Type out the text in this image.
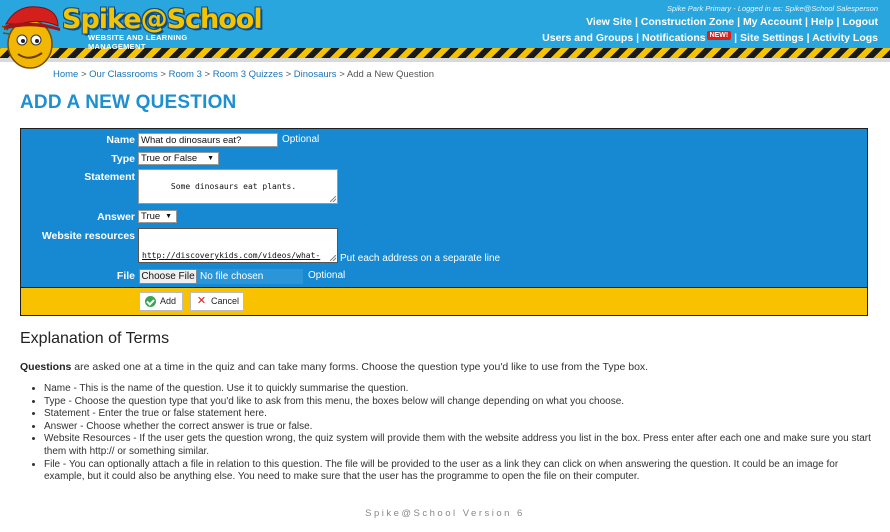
Spike@School
WEBSITE AND LEARNING MANAGEMENT
Spike Park Primary - Logged in as: Spike@School Salesperson
View Site | Construction Zone | My Account | Help | Logout
Users and Groups | Notifications NEW! | Site Settings | Activity Logs
Home > Our Classrooms > Room 3 > Room 3 Quizzes > Dinosaurs > Add a New Question
ADD A NEW QUESTION
Name What do dinosaurs eat?	Optional
Type True or False ▼
Statement

Some dinosaurs eat plants.

Answer True ▼
Website resources

http://discoverykids.com/videos/what-

	Put each address on a separate line
File Choose File No file chosen	Optional
Add	✕ Cancel
Explanation of Terms
Questions are asked one at a time in the quiz and can take many forms. Choose the question type you'd like to use from the Type box.
• Name - This is the name of the question. Use it to quickly summarise the question.
• Type - Choose the question type that you'd like to ask from this menu, the boxes below will change depending on what you choose.
• Statement - Enter the true or false statement here.
• Answer - Choose whether the correct answer is true or false.
• Website Resources - If the user gets the question wrong, the quiz system will provide them with the website address you list in the box. Press enter after each one and make sure you start them with http:// or something similar.
• File - You can optionally attach a file in relation to this question. The file will be provided to the user as a link they can click on when answering the question. It could be an image for example, but it could also be anything else. You need to make sure that the user has the programme to open the file on their computer.
Spike@School Version 6
